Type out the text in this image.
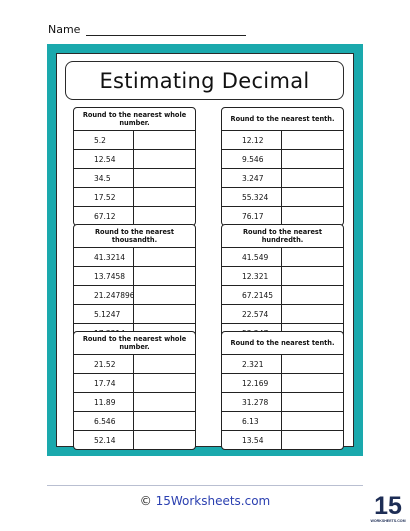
Name
Estimating Decimal
Round to the nearest whole number.
5.2
12.54
34.5
17.52
67.12
Round to the nearest tenth.
12.12
9.546
3.247
55.324
76.17
Round to the nearest thousandth.
41.3214
13.7458
21.247896
5.1247
Round to the nearest hundredth.
41.549
12.321
67.2145
22.574
Round to the nearest whole number.
21.52
17.74
11.89
6.546
52.14
Round to the nearest tenth.
2.321
12.169
31.278
6.13
13.54
© 15Worksheets.com	15
WORKSHEETS.COM
